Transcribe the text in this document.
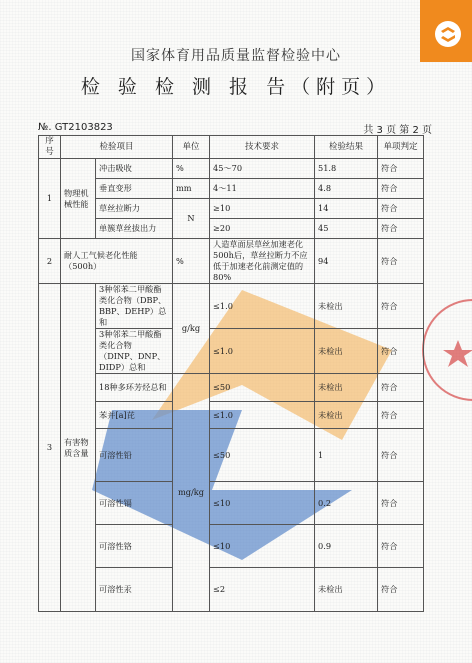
国家体育用品质量监督检验中心
检 验 检 测 报 告（附页）
№. GT2103823	共 3 页 第 2 页
序号	检验项目		单位	技术要求	检验结果	单项判定
1	物理机械性能	冲击吸收	%	45～70	51.8	符合
		垂直变形	mm	4～11	4.8	符合
		草丝拉断力	N	≥10	14	符合
		单簇草丝拔出力		≥20	45	符合
2	耐人工气候老化性能（500h）		%	人造草面层草丝加速老化500h后，草丝拉断力不应低于加速老化前测定值的80%	94	符合
3	有害物质含量	3种邻苯二甲酸酯类化合物（DBP、BBP、DEHP）总和	g/kg	≤1.0	未检出	符合
		3种邻苯二甲酸酯类化合物（DINP、DNP、DIDP）总和		≤1.0	未检出	符合
		18种多环芳烃总和	mg/kg	≤50	未检出	符合
		苯并[a]芘		≤1.0	未检出	符合
		可溶性铅		≤50	1	符合
		可溶性镉		≤10	0.2	符合
		可溶性铬		≤10	0.9	符合
		可溶性汞		≤2	未检出	符合
